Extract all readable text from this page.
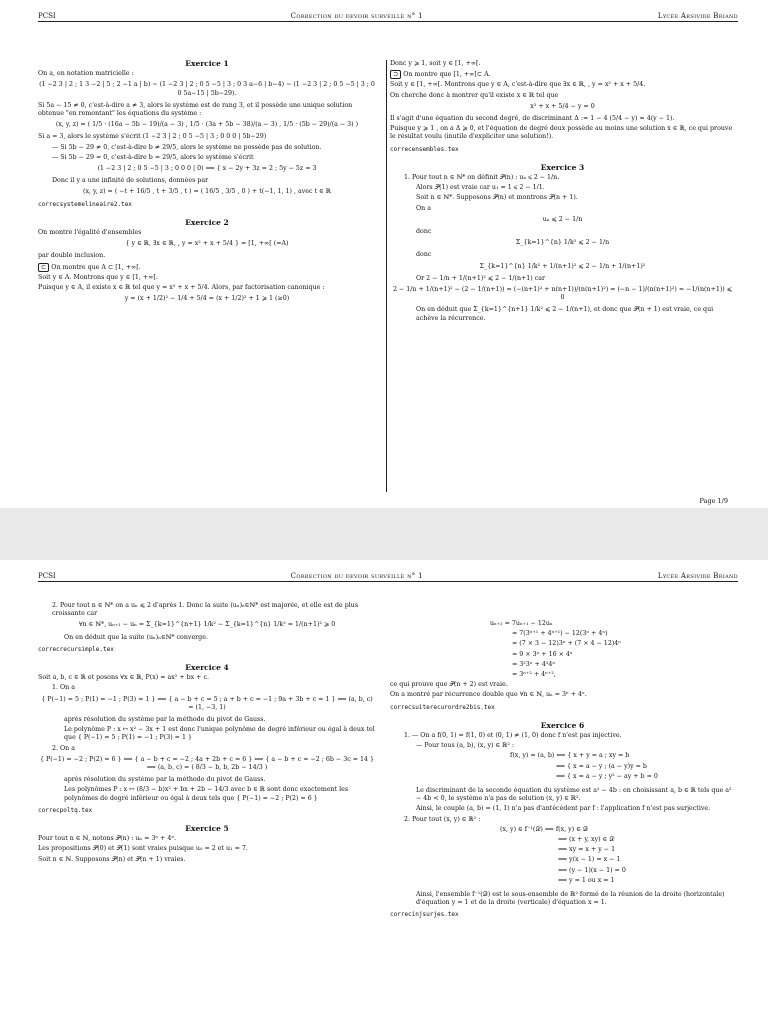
PCSI	Correction du devoir surveillé n° 1	Lycée Arsivide Briand

Exercice 1

On a, en notation matricielle :

(1 −2 3 | 2 ; 1 3 −2 | 5 ; 2 −1 a | b) ∼ (1 −2 3 | 2 ; 0 5 −5 | 3 ; 0 3 a−6 | b−4) ∼ (1 −2 3 | 2 ; 0 5 −5 | 3 ; 0 0 5a−15 | 5b−29).

Si 5a − 15 ≠ 0, c'est-à-dire a ≠ 3, alors le système est de rang 3, et il possède une unique solution obtenue "en remontant" les équations du système :

(x, y, z) = ( 1/5 · (16a − 5b − 19)/(a − 3) , 1/5 · (3a + 5b − 38)/(a − 3) , 1/5 · (5b − 29)/(a − 3) )

Si a = 3, alors le système s'écrit (1 −2 3 | 2 ; 0 5 −5 | 3 ; 0 0 0 | 5b−29)

— Si 5b − 29 ≠ 0, c'est-à-dire b ≠ 29/5, alors le système ne possède pas de solution.

— Si 5b − 29 = 0, c'est-à-dire b = 29/5, alors le système s'écrit

(1 −2 3 | 2 ; 0 5 −5 | 3 ; 0 0 0 | 0) ⟺ { x − 2y + 3z = 2 ; 5y − 5z = 3

Donc il y a une infinité de solutions, données par

(x, y, z) = ( −t + 16/5 , t + 3/5 , t ) = ( 16/5 , 3/5 , 0 ) + t(−1, 1, 1) , avec t ∈ ℝ

correcsystemelineaire2.tex

Exercice 2

On montre l'égalité d'ensembles

{ y ∈ ℝ, ∃x ∈ ℝ, , y = x² + x + 5/4 } = [1, +∞[ (=A)

par double inclusion.

⊂ On montre que A ⊂ [1, +∞[.

Soit y ∈ A. Montrons que y ∈ [1, +∞[.

Puisque y ∈ A, il existe x ∈ ℝ tel que y = x² + x + 5/4. Alors, par factorisation canonique :

y = (x + 1/2)² − 1/4 + 5/4 = (x + 1/2)² + 1 ⩾ 1 (≥0)

Donc y ⩾ 1, soit y ∈ [1, +∞[.

⊃ On montre que [1, +∞[⊂ A.

Soit y ∈ [1, +∞[. Montrons que y ∈ A, c'est-à-dire que ∃x ∈ ℝ, , y = x² + x + 5/4.

On cherche donc à montrer qu'il existe x ∈ ℝ tel que

x² + x + 5/4 − y = 0

Il s'agit d'une équation du second degré, de discriminant Δ := 1 − 4 (5/4 − y) = 4(y − 1).

Puisque y ⩾ 1 , on a Δ ⩾ 0, et l'équation de degré deux possède au moins une solution x ∈ ℝ, ce qui prouve le résultat voulu (inutile d'expliciter une solution!).

correcensembles.tex

Exercice 3

1. Pour tout n ∈ ℕ* on définit 𝒫(n) : uₙ ⩽ 2 − 1/n.

Alors 𝒫(1) est vraie car u₁ = 1 ⩽ 2 − 1/1.

Soit n ∈ ℕ*. Supposons 𝒫(n) et montrons 𝒫(n + 1).

On a

uₙ ⩽ 2 − 1/n

donc

Σ_{k=1}^{n} 1/k² ⩽ 2 − 1/n

donc

Σ_{k=1}^{n} 1/k² + 1/(n+1)² ⩽ 2 − 1/n + 1/(n+1)²

Or 2 − 1/n + 1/(n+1)² ⩽ 2 − 1/(n+1) car

2 − 1/n + 1/(n+1)² − (2 − 1/(n+1)) = (−(n+1)² + n(n+1))/(n(n+1)²) = (−n − 1)/(n(n+1)²) = −1/(n(n+1)) ⩽ 0

On en déduit que Σ_{k=1}^{n+1} 1/k² ⩽ 2 − 1/(n+1), et donc que 𝒫(n + 1) est vraie, ce qui achève la récurrence.

Page 1/9
PCSI	Correction du devoir surveillé n° 1	Lycée Arsivide Briand

2. Pour tout n ∈ ℕ* on a uₙ ⩽ 2 d'après 1. Donc la suite (uₙ)ₙ∈ℕ* est majorée, et elle est de plus croissante car

∀n ∈ ℕ*, uₙ₊₁ − uₙ = Σ_{k=1}^{n+1} 1/k² − Σ_{k=1}^{n} 1/k² = 1/(n+1)² ⩾ 0

On en déduit que la suite (uₙ)ₙ∈ℕ* converge.

correcrecursimple.tex

Exercice 4

Soit a, b, c ∈ ℝ et posons ∀x ∈ ℝ, P(x) = ax² + bx + c.

1. On a

{ P(−1) = 5 ; P(1) = −1 ; P(3) = 1 } ⟺ { a − b + c = 5 ; a + b + c = −1 ; 9a + 3b + c = 1 } ⟺ (a, b, c) = (1, −3, 1)

après résolution du système par la méthode du pivot de Gauss.

Le polynôme P : x ↦ x² − 3x + 1 est donc l'unique polynôme de degré inférieur ou égal à deux tel que { P(−1) = 5 ; P(1) = −1 ; P(3) = 1 }

2. On a

{ P(−1) = −2 ; P(2) = 6 } ⟺ { a − b + c = −2 ; 4a + 2b + c = 6 } ⟺ { a − b + c = −2 ; 6b − 3c = 14 } ⟺ (a, b, c) = ( 8/3 − b, b, 2b − 14/3 )

après résolution du système par la méthode du pivot de Gauss.

Les polynômes P : x ↦ (8/3 − b)x² + bx + 2b − 14/3 avec b ∈ ℝ sont donc exactement les polynômes de degré inférieur ou égal à deux tels que { P(−1) = −2 ; P(2) = 6 }

correcpoltq.tex

Exercice 5

Pour tout n ∈ ℕ, notons 𝒫(n) : uₙ = 3ⁿ + 4ⁿ.

Les propositions 𝒫(0) et 𝒫(1) sont vraies puisque u₀ = 2 et u₁ = 7.

Soit n ∈ ℕ. Supposons 𝒫(n) et 𝒫(n + 1) vraies.

uₙ₊₂ = 7uₙ₊₁ − 12uₙ

= 7(3ⁿ⁺¹ + 4ⁿ⁺¹) − 12(3ⁿ + 4ⁿ)

= (7 × 3 − 12)3ⁿ + (7 × 4 − 12)4ⁿ

= 9 × 3ⁿ + 16 × 4ⁿ

= 3²3ⁿ + 4²4ⁿ

= 3ⁿ⁺² + 4ⁿ⁺²,

ce qui prouve que 𝒫(n + 2) est vraie.

On a montré par récurrence double que ∀n ∈ ℕ, uₙ = 3ⁿ + 4ⁿ.

correcsuiterecurordre2bis.tex

Exercice 6

1. — On a f(0, 1) = f(1, 0) et (0, 1) ≠ (1, 0) donc f n'est pas injective.

— Pour tous (a, b), (x, y) ∈ ℝ² :

f(x, y) = (a, b) ⟺ { x + y = a ; xy = b

⟺ { x = a − y ; (a − y)y = b

⟺ { x = a − y ; y² − ay + b = 0

Le discriminant de la seconde équation du système est a² − 4b : en choisissant a, b ∈ ℝ tels que a² − 4b < 0, le système n'a pas de solution (x, y) ∈ ℝ².

Ainsi, le couple (a, b) = (1, 1) n'a pas d'antécédent par f : l'application f n'est pas surjective.

2. Pour tout (x, y) ∈ ℝ² :

(x, y) ∈ f⁻¹(𝒟) ⟺ f(x, y) ∈ 𝒟

⟺ (x + y, xy) ∈ 𝒟

⟺ xy = x + y − 1

⟺ y(x − 1) = x − 1

⟺ (y − 1)(x − 1) = 0

⟺ y = 1 ou x = 1

Ainsi, l'ensemble f⁻¹(𝒟) est le sous-ensemble de ℝ² formé de la réunion de la droite (horizontale) d'équation y = 1 et de la droite (verticale) d'équation x = 1.

correcinjsurjes.tex
